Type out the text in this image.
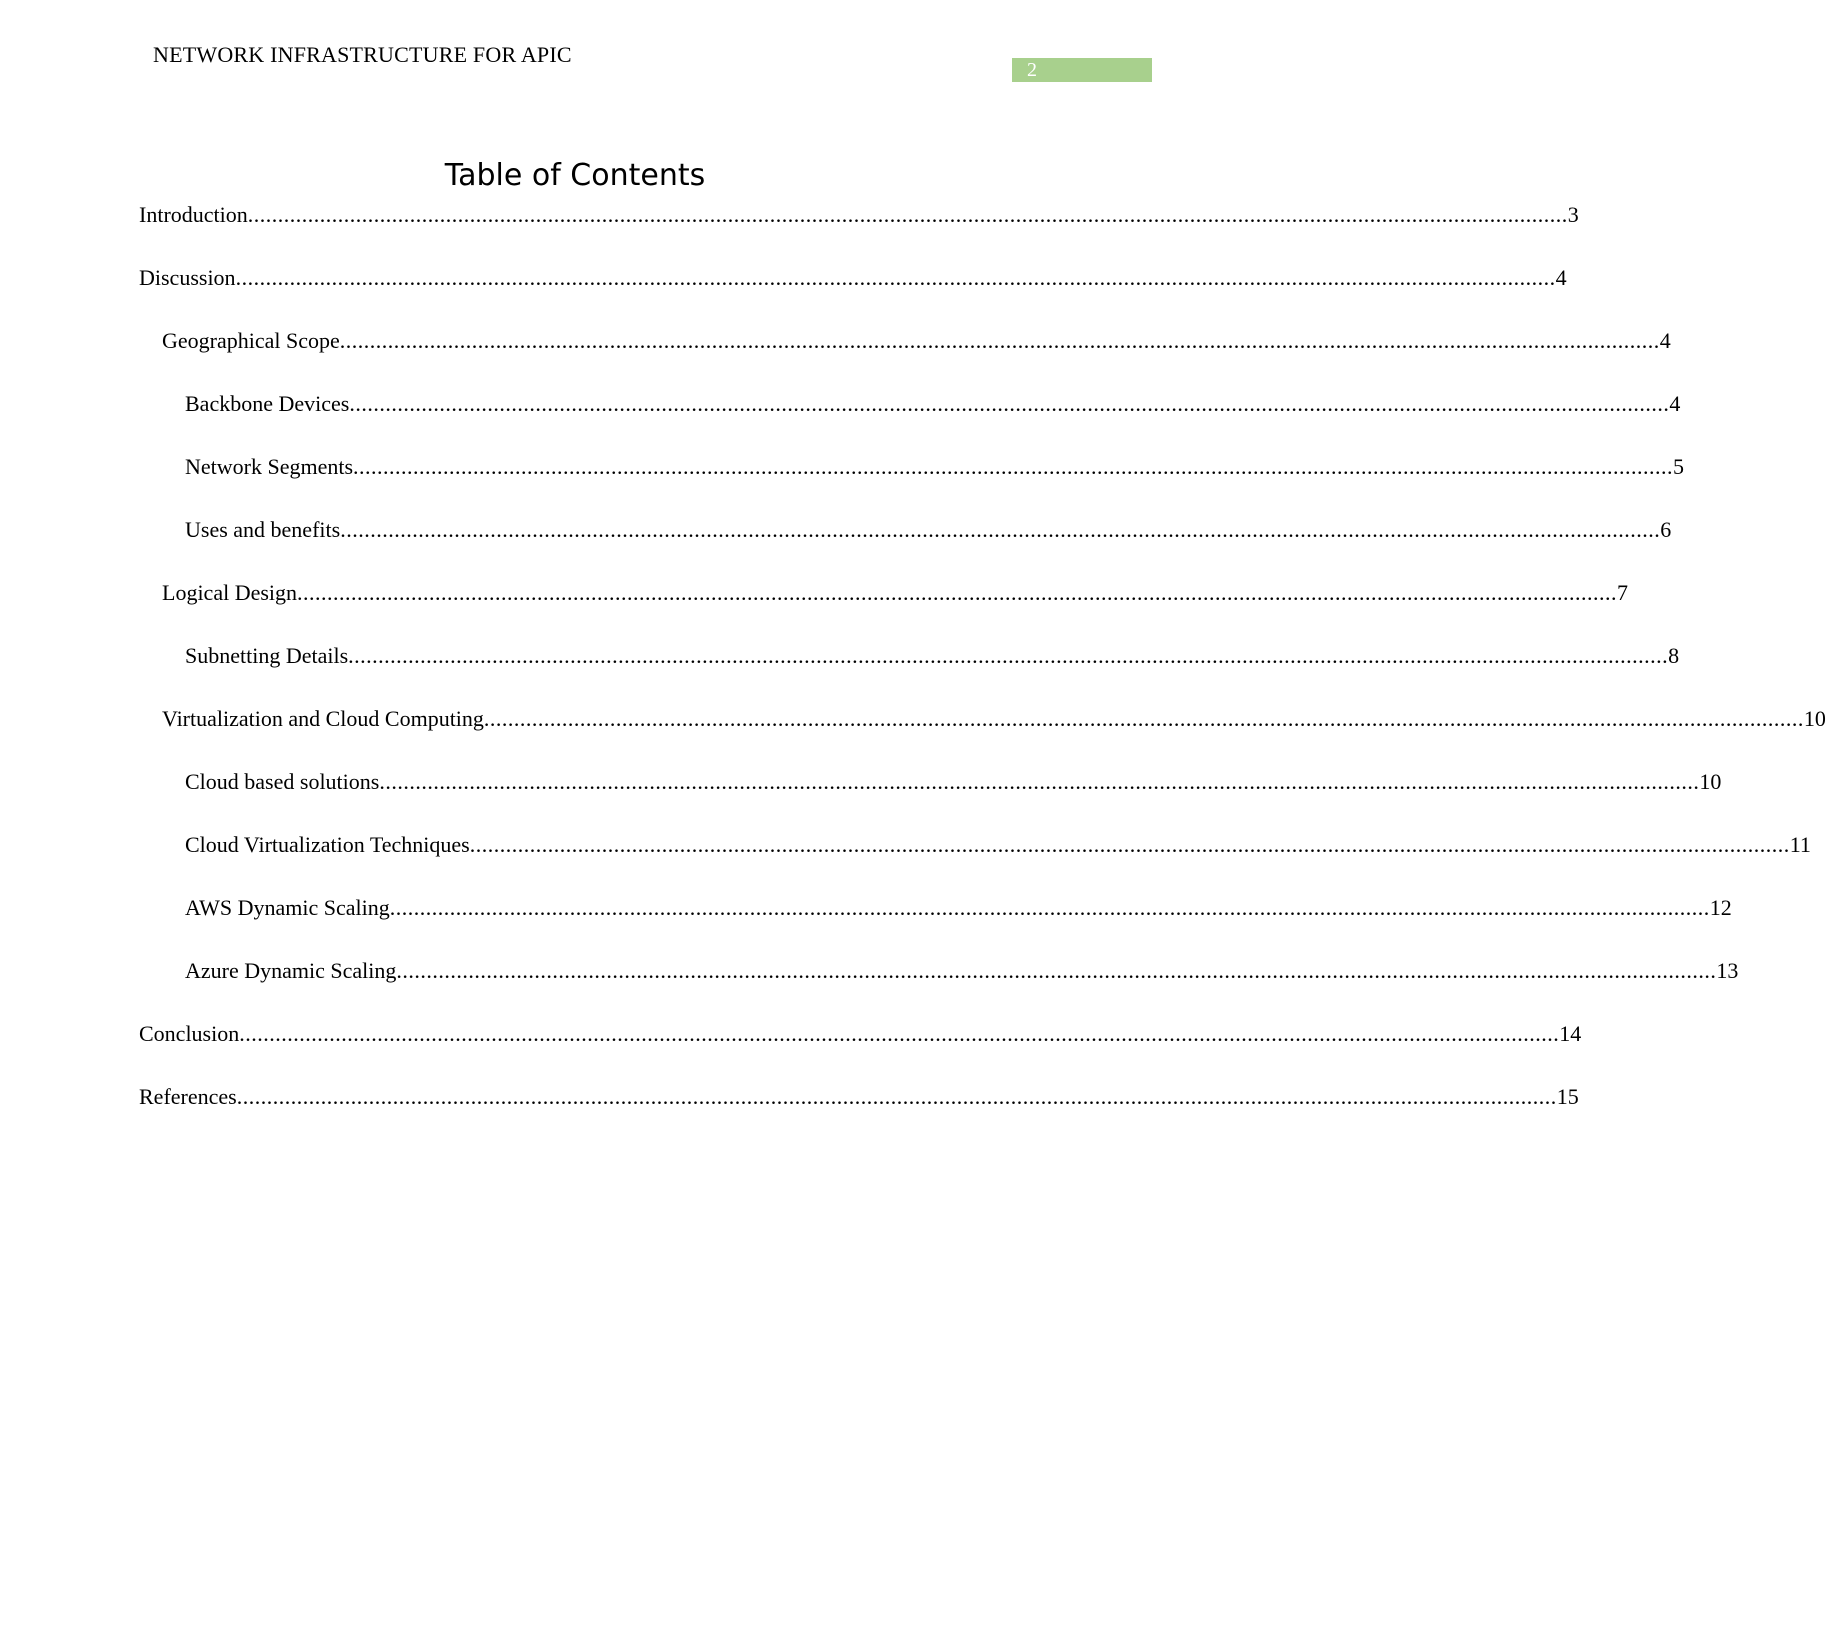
NETWORK INFRASTRUCTURE FOR APIC
2
Table of Contents
Introduction ............................................................................................................................................................................................................................ 3
Discussion ............................................................................................................................................................................................................................ 4
Geographical Scope ............................................................................................................................................................................................................................ 4
Backbone Devices ............................................................................................................................................................................................................................ 4
Network Segments ............................................................................................................................................................................................................................ 5
Uses and benefits ............................................................................................................................................................................................................................ 6
Logical Design ............................................................................................................................................................................................................................ 7
Subnetting Details ............................................................................................................................................................................................................................ 8
Virtualization and Cloud Computing ............................................................................................................................................................................................................................ 10
Cloud based solutions ............................................................................................................................................................................................................................ 10
Cloud Virtualization Techniques ............................................................................................................................................................................................................................ 11
AWS Dynamic Scaling ............................................................................................................................................................................................................................ 12
Azure Dynamic Scaling ............................................................................................................................................................................................................................ 13
Conclusion ............................................................................................................................................................................................................................ 14
References ............................................................................................................................................................................................................................ 15
